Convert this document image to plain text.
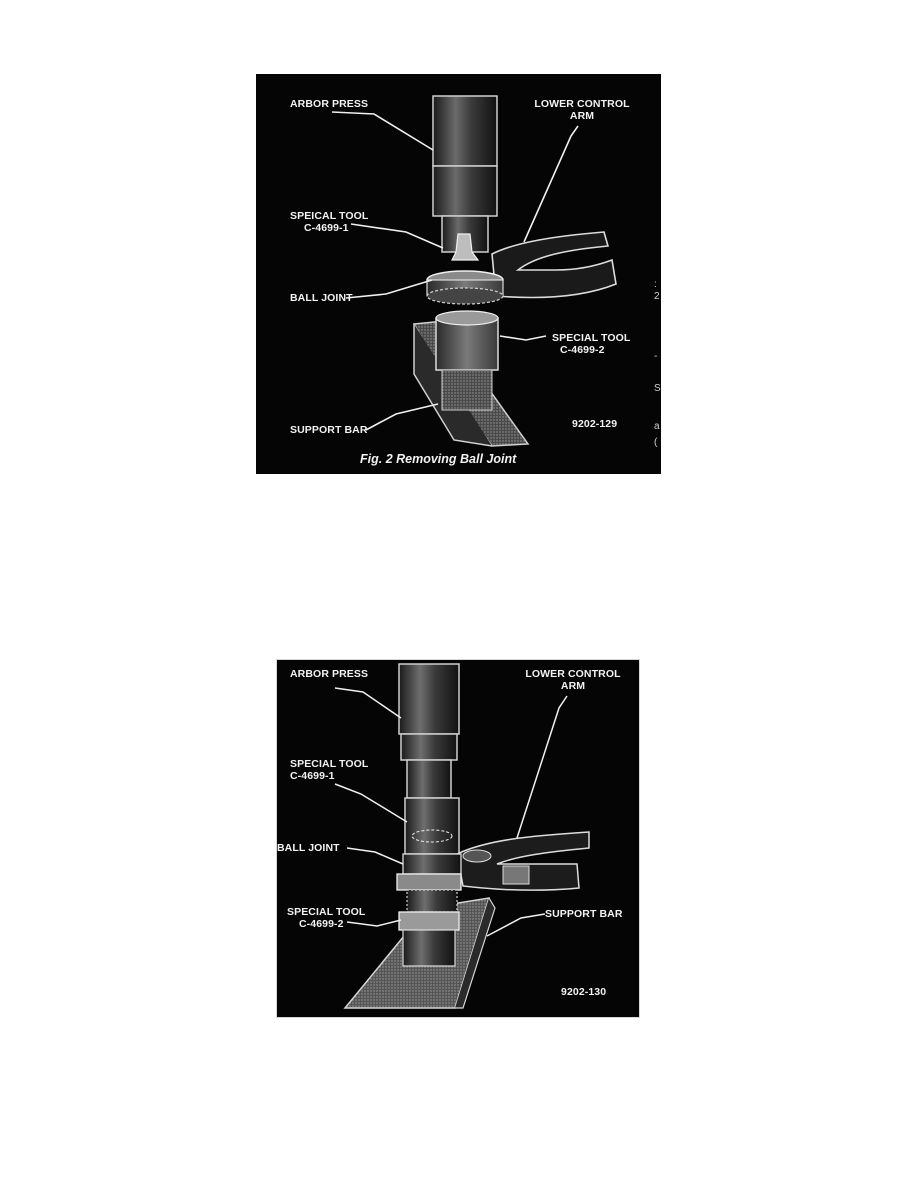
ARBOR PRESS	LOWER CONTROL
ARM
SPEICAL TOOL
C-4699-1
BALL JOINT
SPECIAL TOOL
C-4699-2
SUPPORT BAR	9202-129
Fig. 2 Removing Ball Joint
:
2
-
S
a
(
ARBOR PRESS	LOWER CONTROL
ARM
SPECIAL TOOL
C-4699-1
BALL JOINT
SPECIAL TOOL
C-4699-2
SUPPORT BAR
9202-130
